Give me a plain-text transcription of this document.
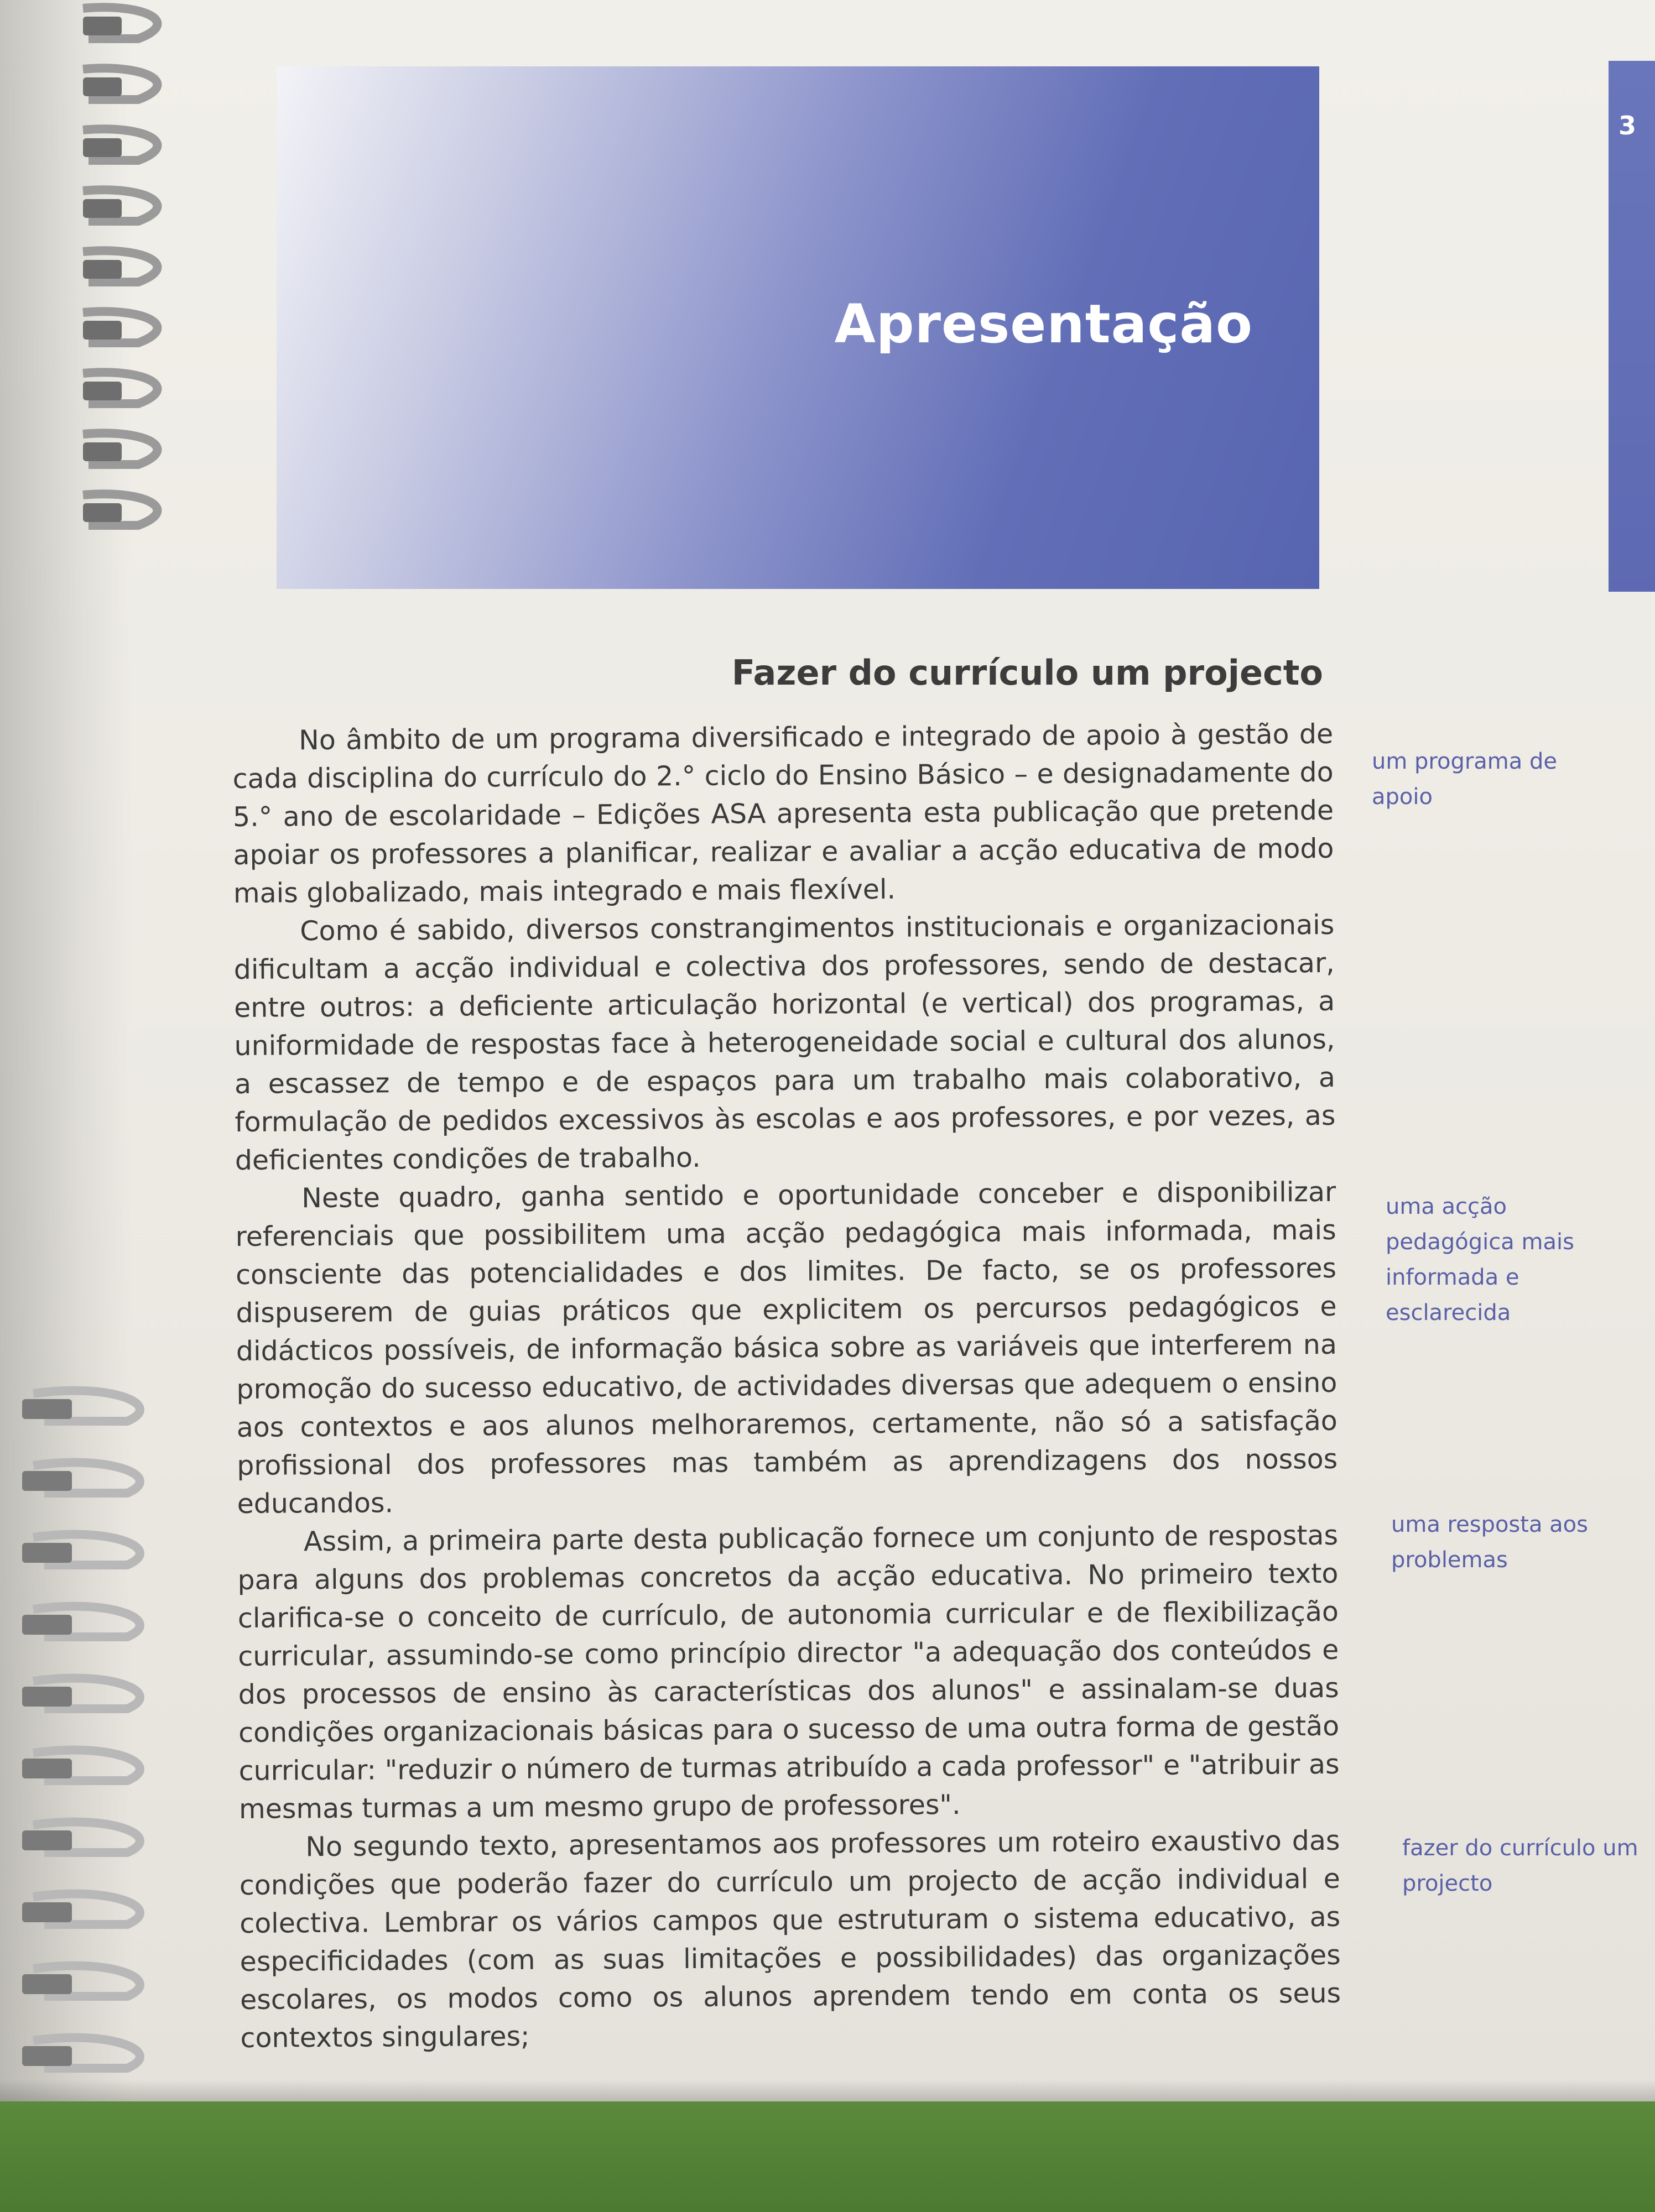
Apresentação
3
Fazer do currículo um projecto

No âmbito de um programa diversificado e integrado de apoio à gestão de cada disciplina do currículo do 2.° ciclo do Ensino Básico – e designadamente do 5.° ano de escolaridade – Edições ASA apresenta esta publicação que pretende apoiar os professores a planificar, realizar e avaliar a acção educativa de modo mais globalizado, mais integrado e mais flexível.

Como é sabido, diversos constrangimentos institucionais e organizacionais dificultam a acção individual e colectiva dos professores, sendo de destacar, entre outros: a deficiente articulação horizontal (e vertical) dos programas, a uniformidade de respostas face à heterogeneidade social e cultural dos alunos, a escassez de tempo e de espaços para um trabalho mais colaborativo, a formulação de pedidos excessivos às escolas e aos professores, e por vezes, as deficientes condições de trabalho.

Neste quadro, ganha sentido e oportunidade conceber e disponibilizar referenciais que possibilitem uma acção pedagógica mais informada, mais consciente das potencialidades e dos limites. De facto, se os professores dispuserem de guias práticos que explicitem os percursos pedagógicos e didácticos possíveis, de informação básica sobre as variáveis que interferem na promoção do sucesso educativo, de actividades diversas que adequem o ensino aos contextos e aos alunos melhoraremos, certamente, não só a satisfação profissional dos professores mas também as aprendizagens dos nossos educandos.

Assim, a primeira parte desta publicação fornece um conjunto de respostas para alguns dos problemas concretos da acção educativa. No primeiro texto clarifica-se o conceito de currículo, de autonomia curricular e de flexibilização curricular, assumindo-se como princípio director "a adequação dos conteúdos e dos processos de ensino às características dos alunos" e assinalam-se duas condições organizacionais básicas para o sucesso de uma outra forma de gestão curricular: "reduzir o número de turmas atribuído a cada professor" e "atribuir as mesmas turmas a um mesmo grupo de professores".

No segundo texto, apresentamos aos professores um roteiro exaustivo das condições que poderão fazer do currículo um projecto de acção individual e colectiva. Lembrar os vários campos que estruturam o sistema educativo, as especificidades (com as suas limitações e possibilidades) das organizações escolares, os modos como os alunos aprendem tendo em conta os seus contextos singulares;

um programa de apoio
uma acção pedagógica mais informada e esclarecida
uma resposta aos problemas
fazer do currículo um projecto
